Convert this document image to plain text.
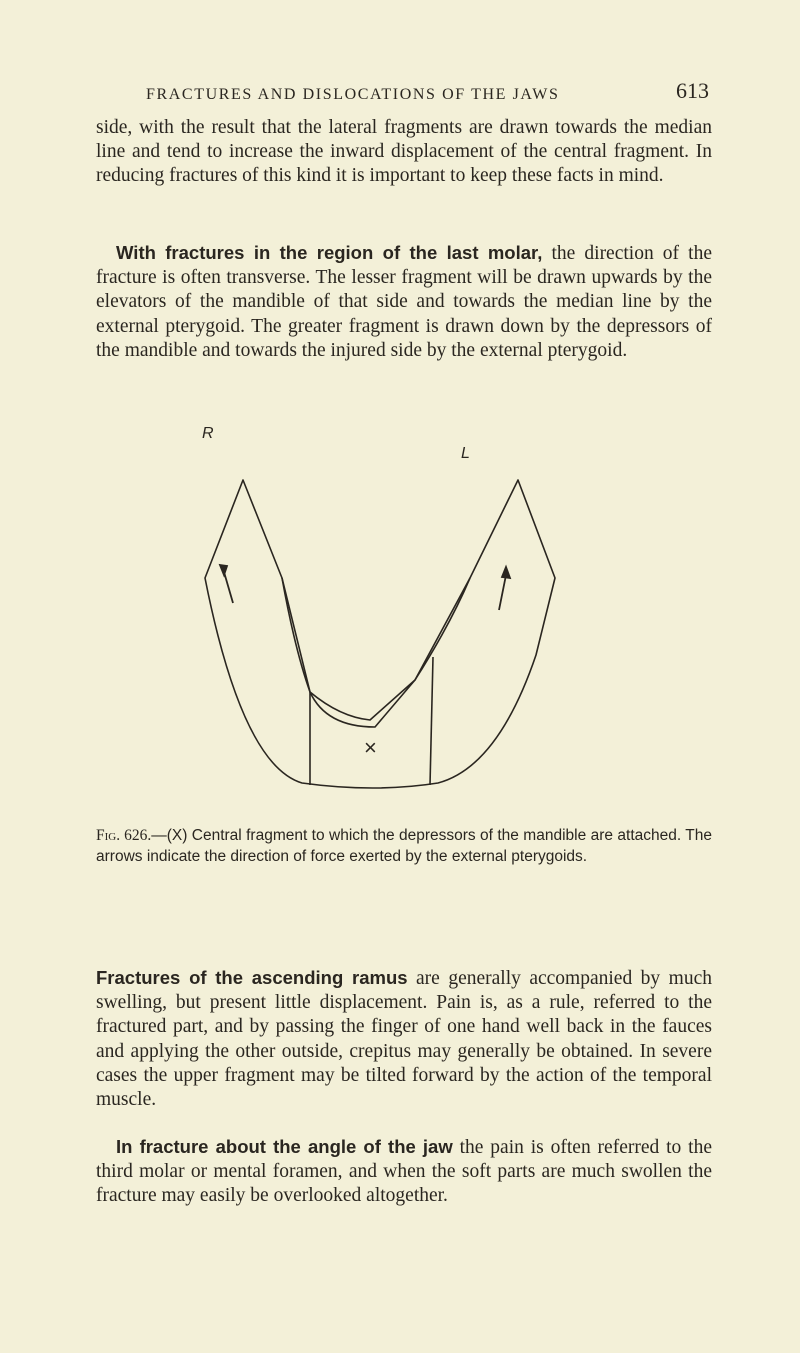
FRACTURES AND DISLOCATIONS OF THE JAWS	613

side, with the result that the lateral fragments are drawn towards the median line and tend to increase the inward displacement of the central fragment. In reducing fractures of this kind it is important to keep these facts in mind.

With fractures in the region of the last molar, the direction of the fracture is often transverse. The lesser fragment will be drawn upwards by the elevators of the mandible of that side and towards the median line by the external pterygoid. The greater fragment is drawn down by the depressors of the mandible and towards the injured side by the external pterygoid.

R
L
×

Fig. 626.—(X) Central fragment to which the depressors of the mandible are attached. The arrows indicate the direction of force exerted by the external pterygoids.

Fractures of the ascending ramus are generally accompanied by much swelling, but present little displacement. Pain is, as a rule, referred to the fractured part, and by passing the finger of one hand well back in the fauces and applying the other outside, crepitus may generally be obtained. In severe cases the upper fragment may be tilted forward by the action of the temporal muscle.

In fracture about the angle of the jaw the pain is often referred to the third molar or mental foramen, and when the soft parts are much swollen the fracture may easily be overlooked altogether.
